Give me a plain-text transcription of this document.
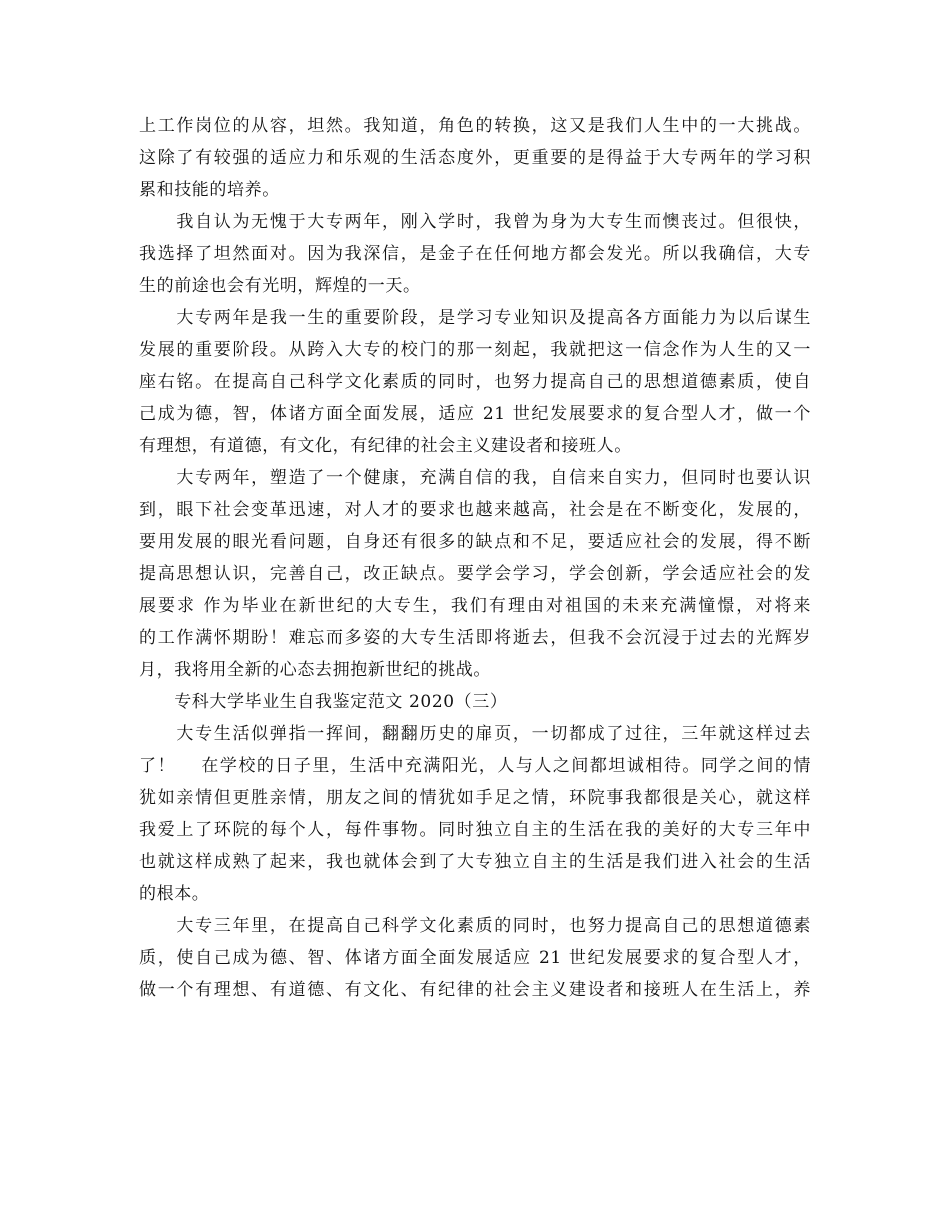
上工作岗位的从容，坦然。我知道，角色的转换，这又是我们人生中的一大挑战。
这除了有较强的适应力和乐观的生活态度外，更重要的是得益于大专两年的学习积
累和技能的培养。
　　我自认为无愧于大专两年，刚入学时，我曾为身为大专生而懊丧过。但很快，
我选择了坦然面对。因为我深信，是金子在任何地方都会发光。所以我确信，大专
生的前途也会有光明，辉煌的一天。
　　大专两年是我一生的重要阶段，是学习专业知识及提高各方面能力为以后谋生
发展的重要阶段。从跨入大专的校门的那一刻起，我就把这一信念作为人生的又一
座右铭。在提高自己科学文化素质的同时，也努力提高自己的思想道德素质，使自
己成为德，智，体诸方面全面发展，适应 21 世纪发展要求的复合型人才，做一个
有理想，有道德，有文化，有纪律的社会主义建设者和接班人。
　　大专两年，塑造了一个健康，充满自信的我，自信来自实力，但同时也要认识
到，眼下社会变革迅速，对人才的要求也越来越高，社会是在不断变化，发展的，
要用发展的眼光看问题，自身还有很多的缺点和不足，要适应社会的发展，得不断
提高思想认识，完善自己，改正缺点。要学会学习，学会创新，学会适应社会的发
展要求 作为毕业在新世纪的大专生，我们有理由对祖国的未来充满憧憬，对将来
的工作满怀期盼！难忘而多姿的大专生活即将逝去，但我不会沉浸于过去的光辉岁
月，我将用全新的心态去拥抱新世纪的挑战。
　　专科大学毕业生自我鉴定范文 2020（三）
　　大专生活似弹指一挥间，翻翻历史的扉页，一切都成了过往，三年就这样过去
了！　 在学校的日子里，生活中充满阳光，人与人之间都坦诚相待。同学之间的情
犹如亲情但更胜亲情，朋友之间的情犹如手足之情，环院事我都很是关心，就这样
我爱上了环院的每个人，每件事物。同时独立自主的生活在我的美好的大专三年中
也就这样成熟了起来，我也就体会到了大专独立自主的生活是我们进入社会的生活
的根本。
　　大专三年里，在提高自己科学文化素质的同时，也努力提高自己的思想道德素
质，使自己成为德、智、体诸方面全面发展适应 21 世纪发展要求的复合型人才，
做一个有理想、有道德、有文化、有纪律的社会主义建设者和接班人在生活上，养
